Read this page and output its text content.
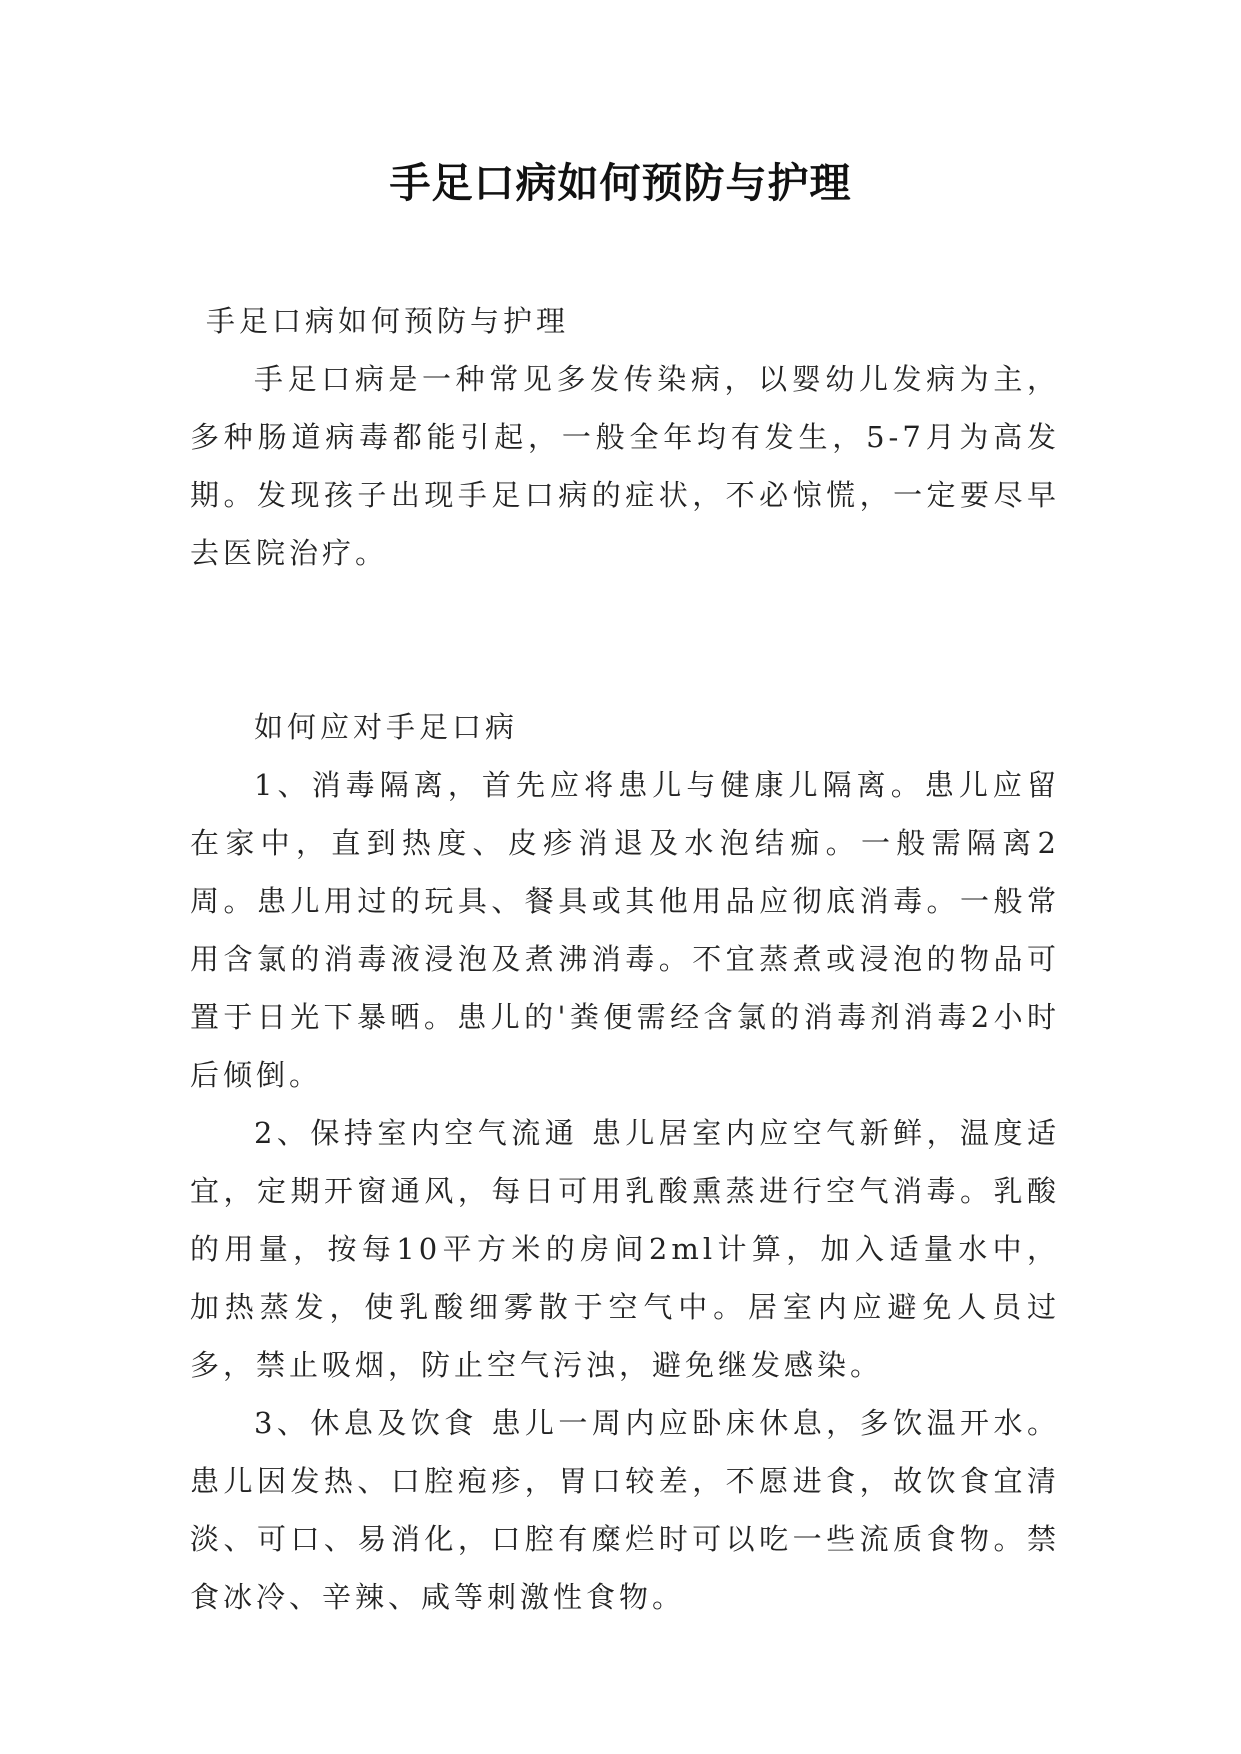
手足口病如何预防与护理

手足口病如何预防与护理

手足口病是一种常见多发传染病，以婴幼儿发病为主，多种肠道病毒都能引起，一般全年均有发生，5-7月为高发期。发现孩子出现手足口病的症状，不必惊慌，一定要尽早去医院治疗。

如何应对手足口病

1、消毒隔离，首先应将患儿与健康儿隔离。患儿应留在家中，直到热度、皮疹消退及水泡结痂。一般需隔离2周。患儿用过的玩具、餐具或其他用品应彻底消毒。一般常用含氯的消毒液浸泡及煮沸消毒。不宜蒸煮或浸泡的物品可置于日光下暴晒。患儿的'粪便需经含氯的消毒剂消毒2小时后倾倒。

2、保持室内空气流通 患儿居室内应空气新鲜，温度适宜，定期开窗通风，每日可用乳酸熏蒸进行空气消毒。乳酸的用量，按每10平方米的房间2ml计算，加入适量水中，加热蒸发，使乳酸细雾散于空气中。居室内应避免人员过多，禁止吸烟，防止空气污浊，避免继发感染。

3、休息及饮食 患儿一周内应卧床休息，多饮温开水。患儿因发热、口腔疱疹，胃口较差，不愿进食，故饮食宜清淡、可口、易消化，口腔有糜烂时可以吃一些流质食物。禁食冰冷、辛辣、咸等刺激性食物。
